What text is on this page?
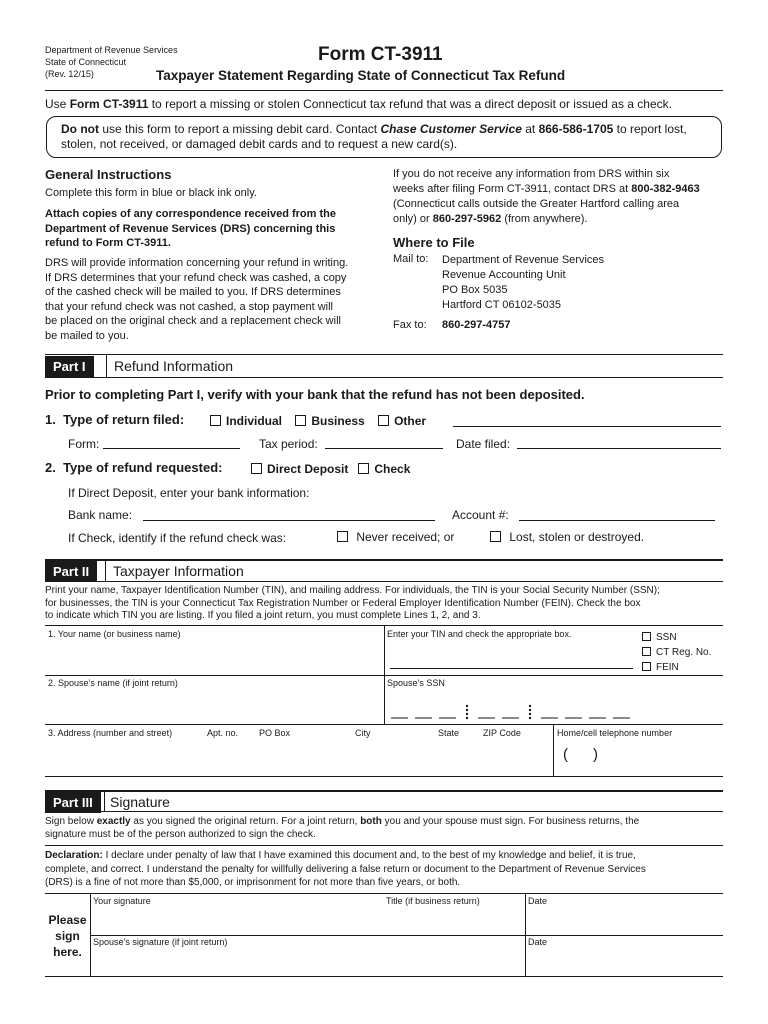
Department of Revenue Services
State of Connecticut
(Rev. 12/15)
Form CT-3911
Taxpayer Statement Regarding State of Connecticut Tax Refund
Use Form CT-3911 to report a missing or stolen Connecticut tax refund that was a direct deposit or issued as a check.
Do not use this form to report a missing debit card. Contact Chase Customer Service at 866-586-1705 to report lost,
stolen, not received, or damaged debit cards and to request a new card(s).
General Instructions
Complete this form in blue or black ink only.
Attach copies of any correspondence received from the
Department of Revenue Services (DRS) concerning this
refund to Form CT-3911.
DRS will provide information concerning your refund in writing.
If DRS determines that your refund check was cashed, a copy
of the cashed check will be mailed to you. If DRS determines
that your refund check was not cashed, a stop payment will
be placed on the original check and a replacement check will
be mailed to you.
If you do not receive any information from DRS within six
weeks after filing Form CT-3911, contact DRS at 800-382-9463
(Connecticut calls outside the Greater Hartford calling area
only) or 860-297-5962 (from anywhere).
Where to File
Mail to: Department of Revenue Services
Revenue Accounting Unit
PO Box 5035
Hartford CT 06102-5035
Fax to: 860-297-4757
Part I	Refund Information
Prior to completing Part I, verify with your bank that the refund has not been deposited.
1. Type of return filed:	Individual Business Other
Form:	Tax period:	Date filed:
2. Type of refund requested:	Direct Deposit Check
If Direct Deposit, enter your bank information:
Bank name:	Account #:
If Check, identify if the refund check was:	Never received; or	Lost, stolen or destroyed.
Part II	Taxpayer Information
Print your name, Taxpayer Identification Number (TIN), and mailing address. For individuals, the TIN is your Social Security Number (SSN);
for businesses, the TIN is your Connecticut Tax Registration Number or Federal Employer Identification Number (FEIN). Check the box
to indicate which TIN you are listing. If you filed a joint return, you must complete Lines 1, 2, and 3.
1. Your name (or business name)	Enter your TIN and check the appropriate box.	SSN
CT Reg. No.
FEIN
2. Spouse’s name (if joint return)	Spouse’s SSN
3. Address (number and street)	Apt. no. PO Box	City	State	ZIP Code	Home/cell telephone number
(      )
Part III	Signature
Sign below exactly as you signed the original return. For a joint return, both you and your spouse must sign. For business returns, the
signature must be of the person authorized to sign the check.
Declaration: I declare under penalty of law that I have examined this document and, to the best of my knowledge and belief, it is true,
complete, and correct. I understand the penalty for willfully delivering a false return or document to the Department of Revenue Services
(DRS) is a fine of not more than $5,000, or imprisonment for not more than five years, or both.
Please
sign
here.
Your signature	Title (if business return)	Date
Spouse’s signature (if joint return)	Date
